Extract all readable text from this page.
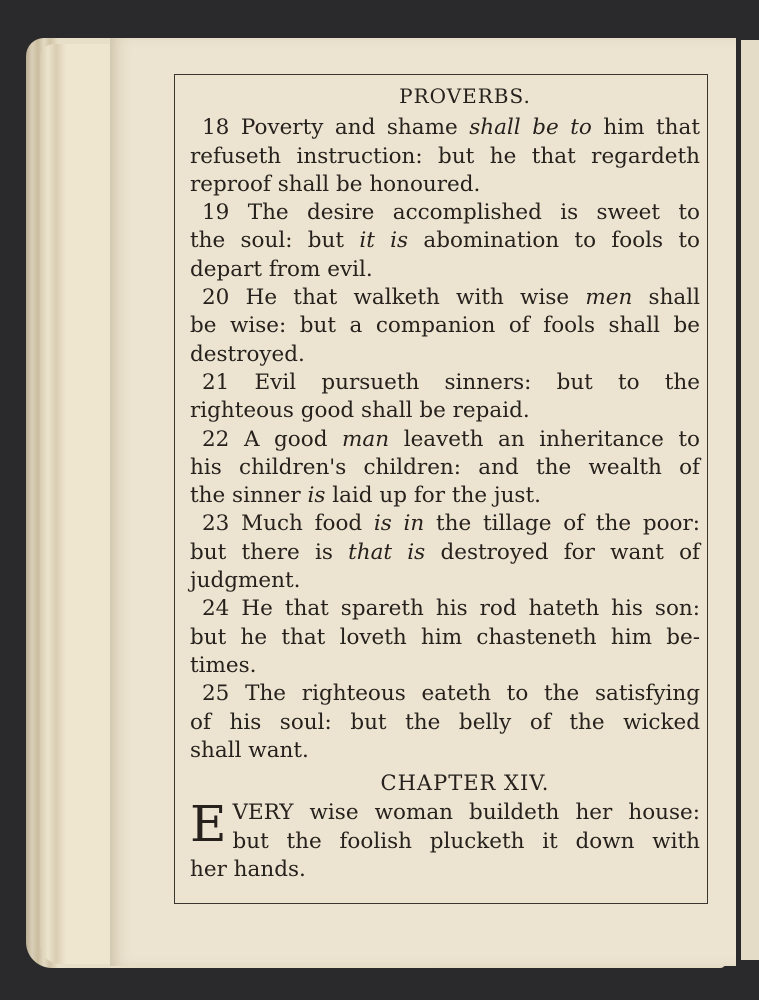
PROVERBS.
18 Poverty and shame shall be to him that
refuseth instruction: but he that regardeth
reproof shall be honoured.
19 The desire accomplished is sweet to
the soul: but it is abomination to fools to
depart from evil.
20 He that walketh with wise men shall
be wise: but a companion of fools shall be
destroyed.
21 Evil pursueth sinners: but to the
righteous good shall be repaid.
22 A good man leaveth an inheritance to
his children's children: and the wealth of
the sinner is laid up for the just.
23 Much food is in the tillage of the poor:
but there is that is destroyed for want of
judgment.
24 He that spareth his rod hateth his son:
but he that loveth him chasteneth him be-
times.
25 The righteous eateth to the satisfying
of his soul: but the belly of the wicked
shall want.
CHAPTER XIV.
E VERY wise woman buildeth her house:
but the foolish plucketh it down with
her hands.
